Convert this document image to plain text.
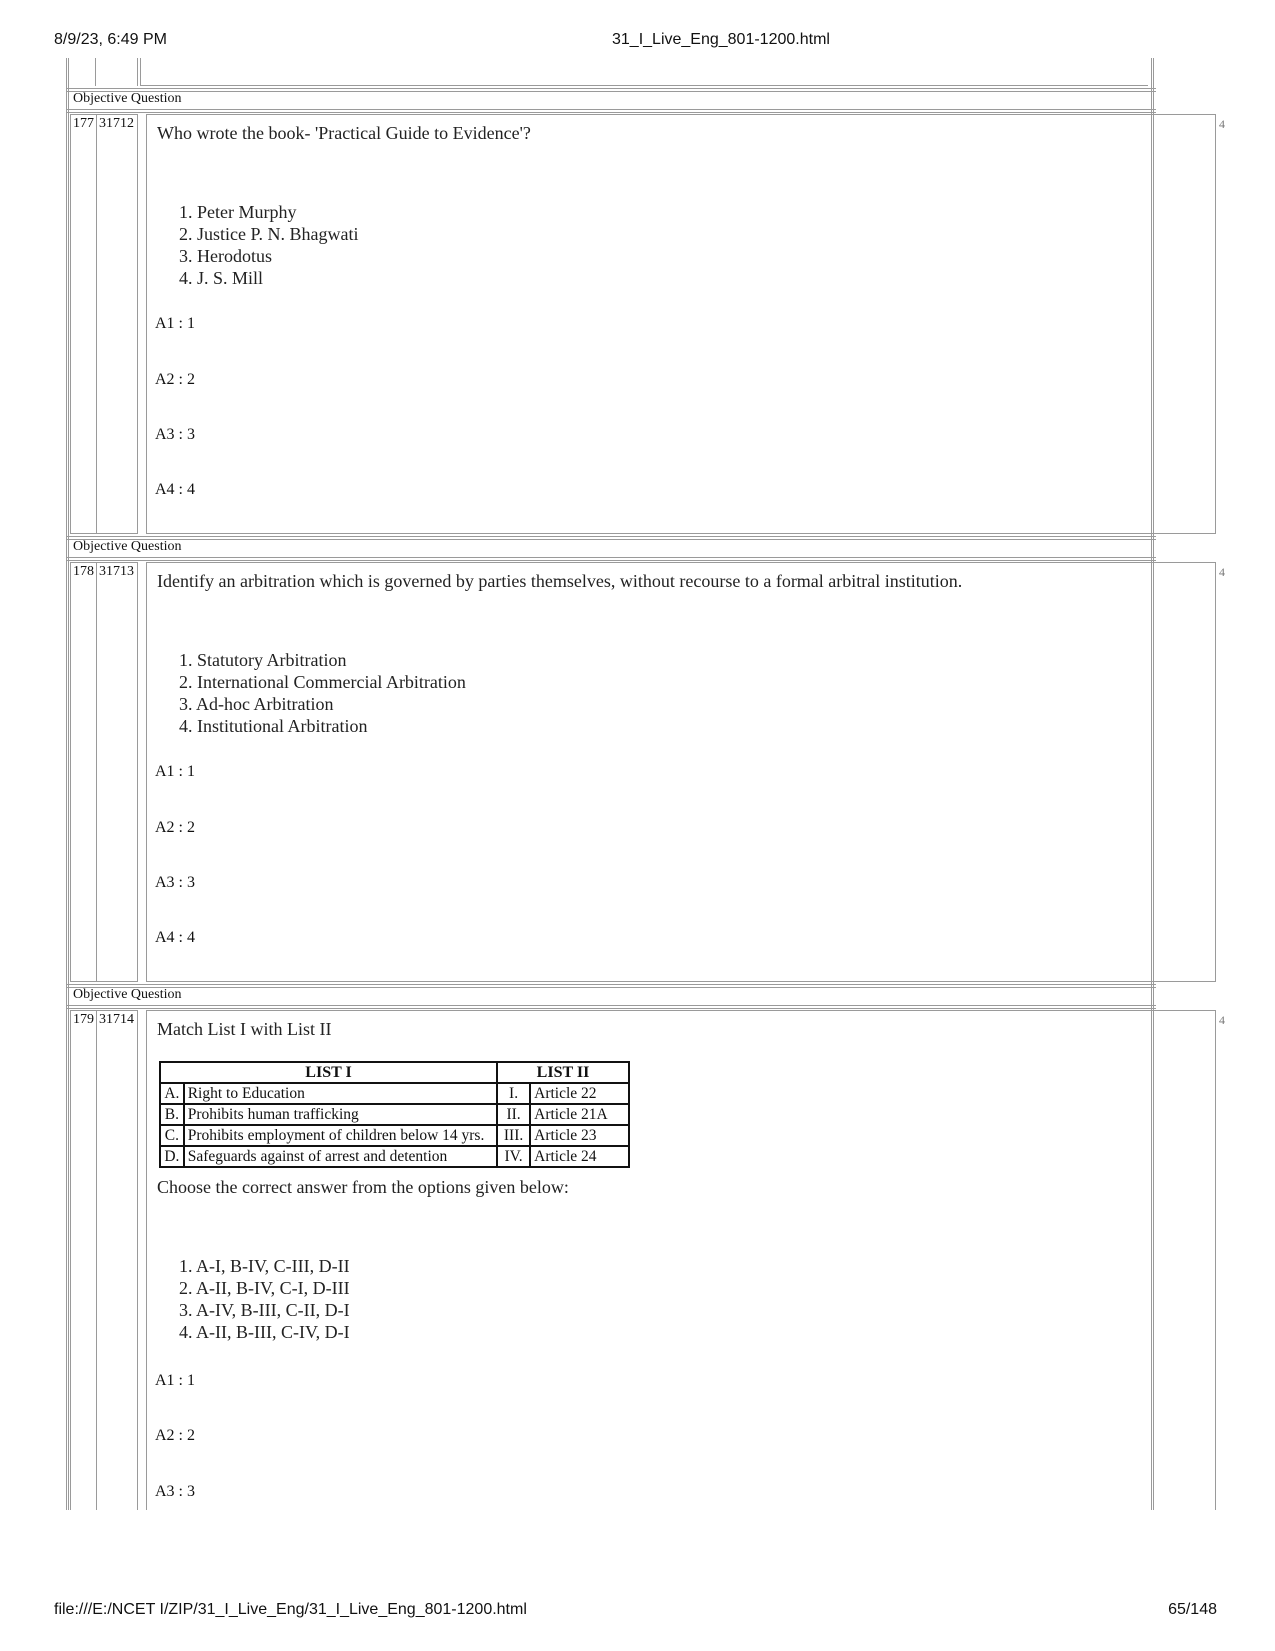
8/9/23, 6:49 PM	31_I_Live_Eng_801-1200.html
file:///E:/NCET I/ZIP/31_I_Live_Eng/31_I_Live_Eng_801-1200.html	65/148
Objective Question
177 31712 Who wrote the book- 'Practical Guide to Evidence'?
1. Peter Murphy
2. Justice P. N. Bhagwati
3. Herodotus
4. J. S. Mill
A1 : 1
A2 : 2
A3 : 3
A4 : 4
4
Objective Question
178 31713 Identify an arbitration which is governed by parties themselves, without recourse to a formal arbitral institution.
1. Statutory Arbitration
2. International Commercial Arbitration
3. Ad-hoc Arbitration
4. Institutional Arbitration
A1 : 1
A2 : 2
A3 : 3
A4 : 4
4
Objective Question
179 31714 Match List I with List II
LIST I		LIST II	
A.	Right to Education	I.	Article 22
B.	Prohibits human trafficking	II.	Article 21A
C.	Prohibits employment of children below 14 yrs.	III.	Article 23
D.	Safeguards against of arrest and detention	IV.	Article 24
Choose the correct answer from the options given below:
1. A-I, B-IV, C-III, D-II
2. A-II, B-IV, C-I, D-III
3. A-IV, B-III, C-II, D-I
4. A-II, B-III, C-IV, D-I
A1 : 1
A2 : 2
A3 : 3
4
